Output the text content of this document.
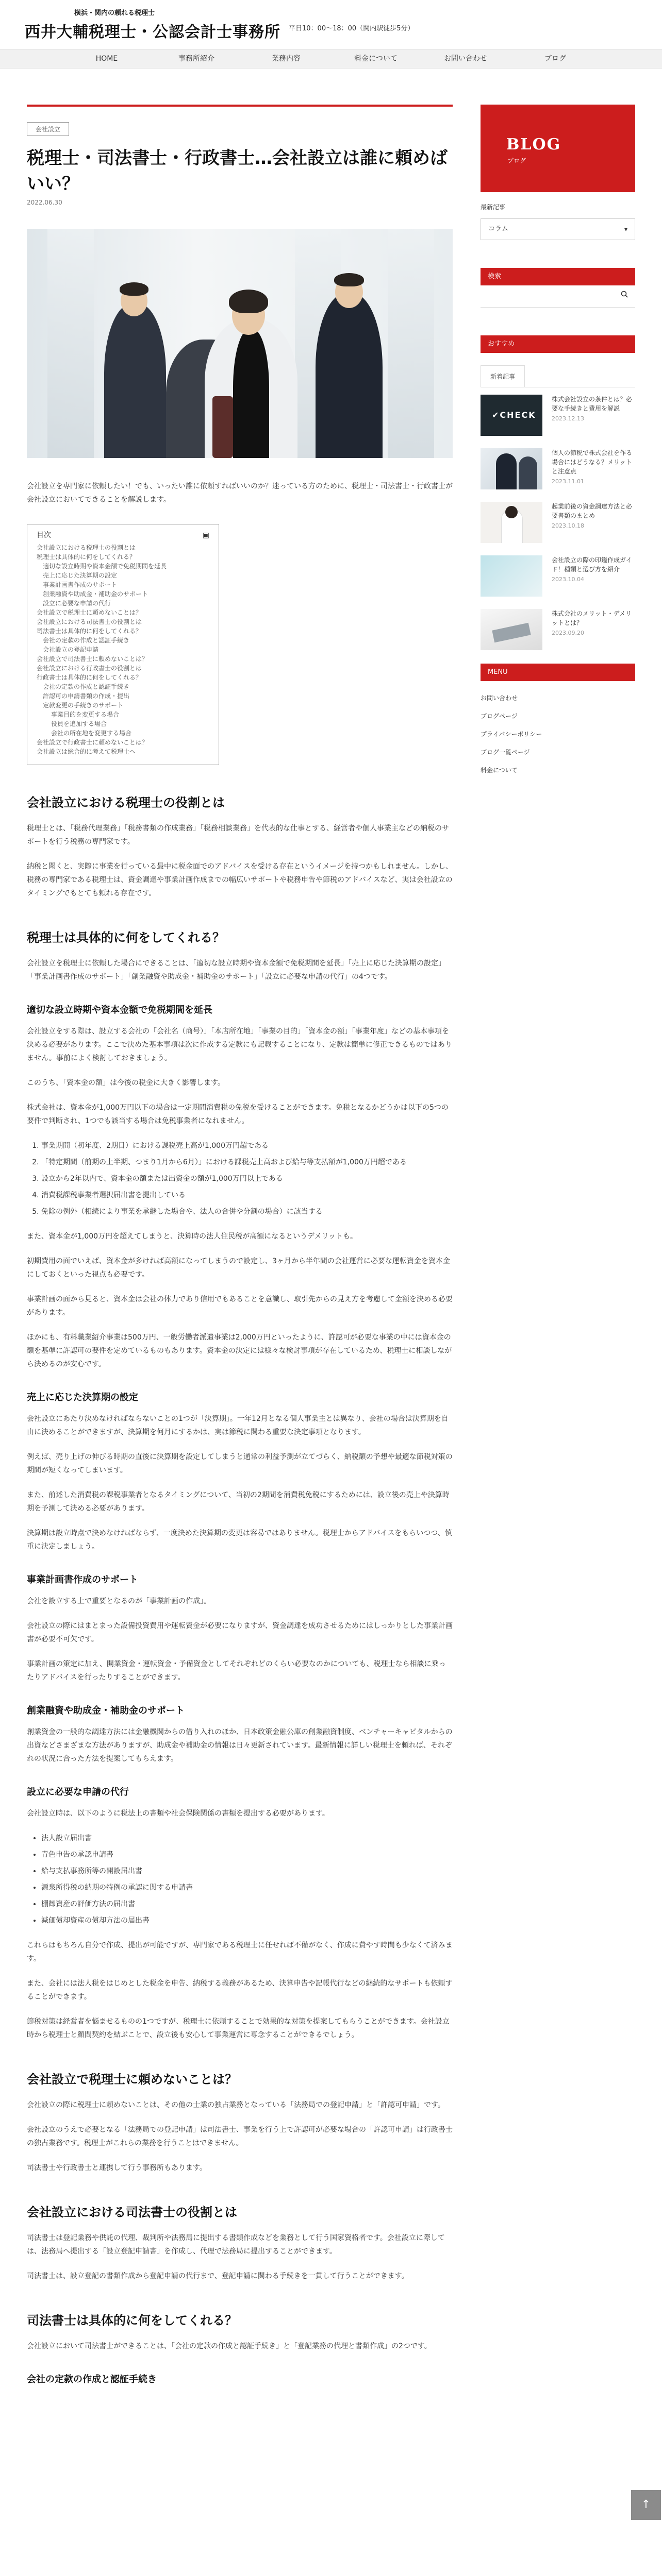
横浜・関内の頼れる税理士
西井大輔税理士・公認会計士事務所 平日10：00～18：00（関内駅徒歩5分）
HOME	事務所紹介	業務内容	料金について	お問い合わせ	ブログ
会社設立
税理士・司法書士・行政書士…会社設立は誰に頼めばいい？
2022.06.30

会社設立を専門家に依頼したい！でも、いったい誰に依頼すればいいのか？迷っている方のために、税理士・司法書士・行政書士が会社設立においてできることを解説します。

目次	▣
会社設立における税理士の役割とは
税理士は具体的に何をしてくれる？
適切な設立時期や資本金額で免税期間を延長
売上に応じた決算期の設定
事業計画書作成のサポート
創業融資や助成金・補助金のサポート
設立に必要な申請の代行
会社設立で税理士に頼めないことは？
会社設立における司法書士の役割とは
司法書士は具体的に何をしてくれる？
会社の定款の作成と認証手続き
会社設立の登記申請
会社設立で司法書士に頼めないことは？
会社設立における行政書士の役割とは
行政書士は具体的に何をしてくれる？
会社の定款の作成と認証手続き
許認可の申請書類の作成・提出
定款変更の手続きのサポート
事業目的を変更する場合
役員を追加する場合
会社の所在地を変更する場合
会社設立で行政書士に頼めないことは？
会社設立は総合的に考えて税理士へ
会社設立における税理士の役割とは

税理士とは、「税務代理業務」「税務書類の作成業務」「税務相談業務」を代表的な仕事とする、経営者や個人事業主などの納税のサポートを行う税務の専門家です。

納税と聞くと、実際に事業を行っている最中に税金面でのアドバイスを受ける存在というイメージを持つかもしれません。しかし、税務の専門家である税理士は、資金調達や事業計画作成までの幅広いサポートや税務申告や節税のアドバイスなど、実は会社設立のタイミングでもとても頼れる存在です。

税理士は具体的に何をしてくれる？

会社設立を税理士に依頼した場合にできることは、「適切な設立時期や資本金額で免税期間を延長」「売上に応じた決算期の設定」「事業計画書作成のサポート」「創業融資や助成金・補助金のサポート」「設立に必要な申請の代行」の4つです。

適切な設立時期や資本金額で免税期間を延長

会社設立をする際は、設立する会社の「会社名（商号）」「本店所在地」「事業の目的」「資本金の額」「事業年度」などの基本事項を決める必要があります。ここで決めた基本事項は次に作成する定款にも記載することになり、定款は簡単に修正できるものではありません。事前によく検討しておきましょう。

このうち、「資本金の額」は今後の税金に大きく影響します。

株式会社は、資本金が1,000万円以下の場合は一定期間消費税の免税を受けることができます。免税となるかどうかは以下の5つの要件で判断され、1つでも該当する場合は免税事業者になれません。

1. 事業期間（初年度、2期目）における課税売上高が1,000万円超である
2. 「特定期間（前期の上半期、つまり1月から6月）」における課税売上高および給与等支払額が1,000万円超である
3. 設立から2年以内で、資本金の額または出資金の額が1,000万円以上である
4. 消費税課税事業者選択届出書を提出している
5. 免除の例外（相続により事業を承継した場合や、法人の合併や分割の場合）に該当する

また、資本金が1,000万円を超えてしまうと、決算時の法人住民税が高額になるというデメリットも。

初期費用の面でいえば、資本金が多ければ高額になってしまうので設定し、3ヶ月から半年間の会社運営に必要な運転資金を資本金にしておくといった視点も必要です。

事業計画の面から見ると、資本金は会社の体力であり信用でもあることを意識し、取引先からの見え方を考慮して金額を決める必要があります。

ほかにも、有料職業紹介事業は500万円、一般労働者派遣事業は2,000万円といったように、許認可が必要な事業の中には資本金の額を基準に許認可の要件を定めているものもあります。資本金の決定には様々な検討事項が存在しているため、税理士に相談しながら決めるのが安心です。

売上に応じた決算期の設定

会社設立にあたり決めなければならないことの1つが「決算期」。一年12月となる個人事業主とは異なり、会社の場合は決算期を自由に決めることができますが、決算期を何月にするかは、実は節税に関わる重要な決定事項となります。

例えば、売り上げの伸びる時期の直後に決算期を設定してしまうと通常の利益予測が立てづらく、納税額の予想や最適な節税対策の期間が短くなってしまいます。

また、前述した消費税の課税事業者となるタイミングについて、当初の2期間を消費税免税にするためには、設立後の売上や決算時期を予測して決める必要があります。

決算期は設立時点で決めなければならず、一度決めた決算期の変更は容易ではありません。税理士からアドバイスをもらいつつ、慎重に決定しましょう。

事業計画書作成のサポート

会社を設立する上で重要となるのが「事業計画の作成」。

会社設立の際にはまとまった設備投資費用や運転資金が必要になりますが、資金調達を成功させるためにはしっかりとした事業計画書が必要不可欠です。

事業計画の策定に加え、開業資金・運転資金・予備資金としてそれぞれどのくらい必要なのかについても、税理士なら相談に乗ったりアドバイスを行ったりすることができます。

創業融資や助成金・補助金のサポート

創業資金の一般的な調達方法には金融機関からの借り入れのほか、日本政策金融公庫の創業融資制度、ベンチャーキャピタルからの出資などさまざまな方法がありますが、助成金や補助金の情報は日々更新されています。最新情報に詳しい税理士を頼れば、それぞれの状況に合った方法を提案してもらえます。

設立に必要な申請の代行

会社設立時は、以下のように税法上の書類や社会保険関係の書類を提出する必要があります。

• 法人設立届出書
• 青色申告の承認申請書
• 給与支払事務所等の開設届出書
• 源泉所得税の納期の特例の承認に関する申請書
• 棚卸資産の評価方法の届出書
• 減価償却資産の償却方法の届出書

これらはもちろん自分で作成、提出が可能ですが、専門家である税理士に任せれば不備がなく、作成に費やす時間も少なくて済みます。

また、会社には法人税をはじめとした税金を申告、納税する義務があるため、決算申告や記帳代行などの継続的なサポートも依頼することができます。

節税対策は経営者を悩ませるものの1つですが、税理士に依頼することで効果的な対策を提案してもらうことができます。会社設立時から税理士と顧問契約を結ぶことで、設立後も安心して事業運営に専念することができるでしょう。

会社設立で税理士に頼めないことは？

会社設立の際に税理士に頼めないことは、その他の士業の独占業務となっている「法務局での登記申請」と「許認可申請」です。

会社設立のうえで必要となる「法務局での登記申請」は司法書士、事業を行う上で許認可が必要な場合の「許認可申請」は行政書士の独占業務です。税理士がこれらの業務を行うことはできません。

司法書士や行政書士と連携して行う事務所もあります。

会社設立における司法書士の役割とは

司法書士は登記業務や供託の代理、裁判所や法務局に提出する書類作成などを業務として行う国家資格者です。会社設立に際しては、法務局へ提出する「設立登記申請書」を作成し、代理で法務局に提出することができます。

司法書士は、設立登記の書類作成から登記申請の代行まで、登記申請に関わる手続きを一貫して行うことができます。

司法書士は具体的に何をしてくれる？

会社設立において司法書士ができることは、「会社の定款の作成と認証手続き」と「登記業務の代理と書類作成」の2つです。

会社の定款の作成と認証手続き
BLOG
ブログ
最新記事
コラム	▾
検索
おすすめ
新着記事
✔CHECK
株式会社設立の条件とは？必要な手続きと費用を解説
2023.12.13
個人の節税で株式会社を作る場合にはどうなる？メリットと注意点
2023.11.01
起業前後の資金調達方法と必要書類のまとめ
2023.10.18
会社設立の際の印鑑作成ガイド！種類と選び方を紹介
2023.10.04
株式会社のメリット・デメリットとは？
2023.09.20
MENU
お問い合わせ
ブログページ
プライバシーポリシー
ブログ一覧ページ
料金について
↑
